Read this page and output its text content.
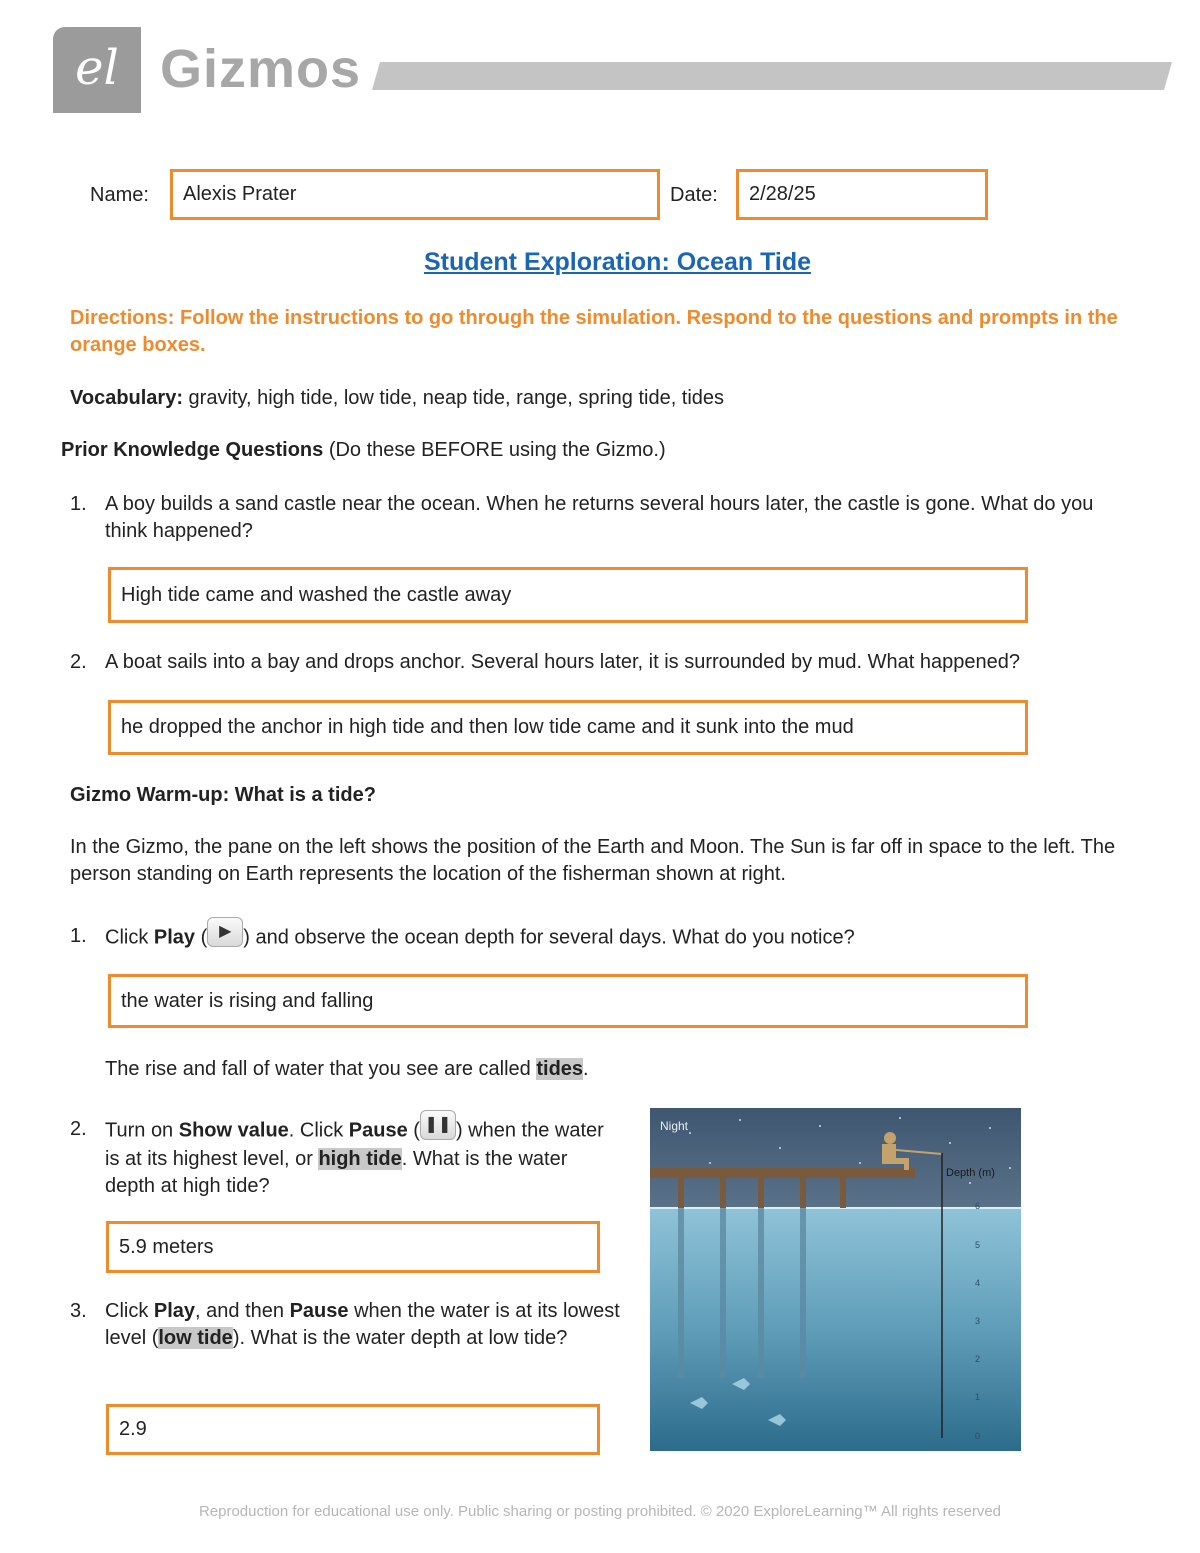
el Gizmos
Name:	Alexis Prater	Date:	2/28/25
Student Exploration: Ocean Tide
Directions: Follow the instructions to go through the simulation. Respond to the questions and prompts in the orange boxes.
Vocabulary: gravity, high tide, low tide, neap tide, range, spring tide, tides
Prior Knowledge Questions (Do these BEFORE using the Gizmo.)
1. A boy builds a sand castle near the ocean. When he returns several hours later, the castle is gone. What do you think happened?
High tide came and washed the castle away
2. A boat sails into a bay and drops anchor. Several hours later, it is surrounded by mud. What happened?
he dropped the anchor in high tide and then low tide came and it sunk into the mud
Gizmo Warm-up: What is a tide?
In the Gizmo, the pane on the left shows the position of the Earth and Moon. The Sun is far off in space to the left. The person standing on Earth represents the location of the fisherman shown at right.
1. Click Play ( ▶ ) and observe the ocean depth for several days. What do you notice?
the water is rising and falling
The rise and fall of water that you see are called tides.
2. Turn on Show value. Click Pause ( ❚❚ ) when the water is at its highest level, or high tide. What is the water depth at high tide?
5.9 meters
3. Click Play, and then Pause when the water is at its lowest level (low tide). What is the water depth at low tide?
2.9
Night
Depth (m)
6
5
4
3
2
1
0
Reproduction for educational use only. Public sharing or posting prohibited. © 2020 ExploreLearning™ All rights reserved
